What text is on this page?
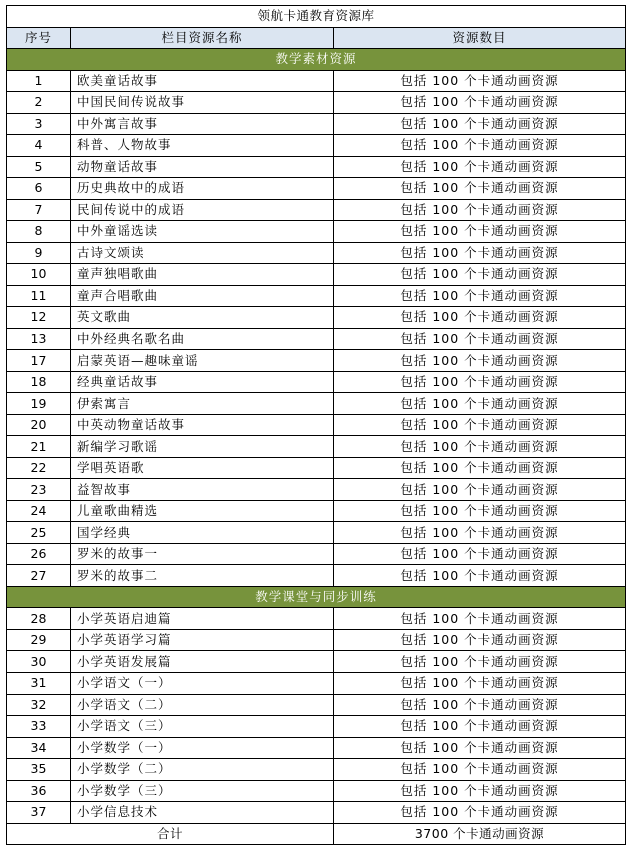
领航卡通教育资源库		
序号	栏目资源名称	资源数目
教学素材资源		
1	欧美童话故事	包括 100 个卡通动画资源
2	中国民间传说故事	包括 100 个卡通动画资源
3	中外寓言故事	包括 100 个卡通动画资源
4	科普、人物故事	包括 100 个卡通动画资源
5	动物童话故事	包括 100 个卡通动画资源
6	历史典故中的成语	包括 100 个卡通动画资源
7	民间传说中的成语	包括 100 个卡通动画资源
8	中外童谣选读	包括 100 个卡通动画资源
9	古诗文颂读	包括 100 个卡通动画资源
10	童声独唱歌曲	包括 100 个卡通动画资源
11	童声合唱歌曲	包括 100 个卡通动画资源
12	英文歌曲	包括 100 个卡通动画资源
13	中外经典名歌名曲	包括 100 个卡通动画资源
17	启蒙英语—趣味童谣	包括 100 个卡通动画资源
18	经典童话故事	包括 100 个卡通动画资源
19	伊索寓言	包括 100 个卡通动画资源
20	中英动物童话故事	包括 100 个卡通动画资源
21	新编学习歌谣	包括 100 个卡通动画资源
22	学唱英语歌	包括 100 个卡通动画资源
23	益智故事	包括 100 个卡通动画资源
24	儿童歌曲精选	包括 100 个卡通动画资源
25	国学经典	包括 100 个卡通动画资源
26	罗米的故事一	包括 100 个卡通动画资源
27	罗米的故事二	包括 100 个卡通动画资源
教学课堂与同步训练		
28	小学英语启迪篇	包括 100 个卡通动画资源
29	小学英语学习篇	包括 100 个卡通动画资源
30	小学英语发展篇	包括 100 个卡通动画资源
31	小学语文（一）	包括 100 个卡通动画资源
32	小学语文（二）	包括 100 个卡通动画资源
33	小学语文（三）	包括 100 个卡通动画资源
34	小学数学（一）	包括 100 个卡通动画资源
35	小学数学（二）	包括 100 个卡通动画资源
36	小学数学（三）	包括 100 个卡通动画资源
37	小学信息技术	包括 100 个卡通动画资源
合计		3700 个卡通动画资源
